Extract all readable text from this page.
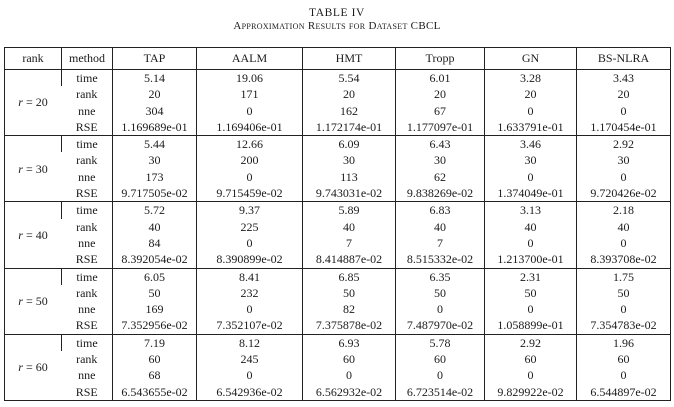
TABLE IV
Approximation Results for Dataset CBCL
rank	method	TAP	AALM	HMT	Tropp	GN	BS-NLRA
r = 20	time	5.14	19.06	5.54	6.01	3.28	3.43
	rank	20	171	20	20	20	20
	nne	304	0	162	67	0	0
	RSE	1.169689e-01	1.169406e-01	1.172174e-01	1.177097e-01	1.633791e-01	1.170454e-01
r = 30	time	5.44	12.66	6.09	6.43	3.46	2.92
	rank	30	200	30	30	30	30
	nne	173	0	113	62	0	0
	RSE	9.717505e-02	9.715459e-02	9.743031e-02	9.838269e-02	1.374049e-01	9.720426e-02
r = 40	time	5.72	9.37	5.89	6.83	3.13	2.18
	rank	40	225	40	40	40	40
	nne	84	0	7	7	0	0
	RSE	8.392054e-02	8.390899e-02	8.414887e-02	8.515332e-02	1.213700e-01	8.393708e-02
r = 50	time	6.05	8.41	6.85	6.35	2.31	1.75
	rank	50	232	50	50	50	50
	nne	169	0	82	0	0	0
	RSE	7.352956e-02	7.352107e-02	7.375878e-02	7.487970e-02	1.058899e-01	7.354783e-02
r = 60	time	7.19	8.12	6.93	5.78	2.92	1.96
	rank	60	245	60	60	60	60
	nne	68	0	0	0	0	0
	RSE	6.543655e-02	6.542936e-02	6.562932e-02	6.723514e-02	9.829922e-02	6.544897e-02
